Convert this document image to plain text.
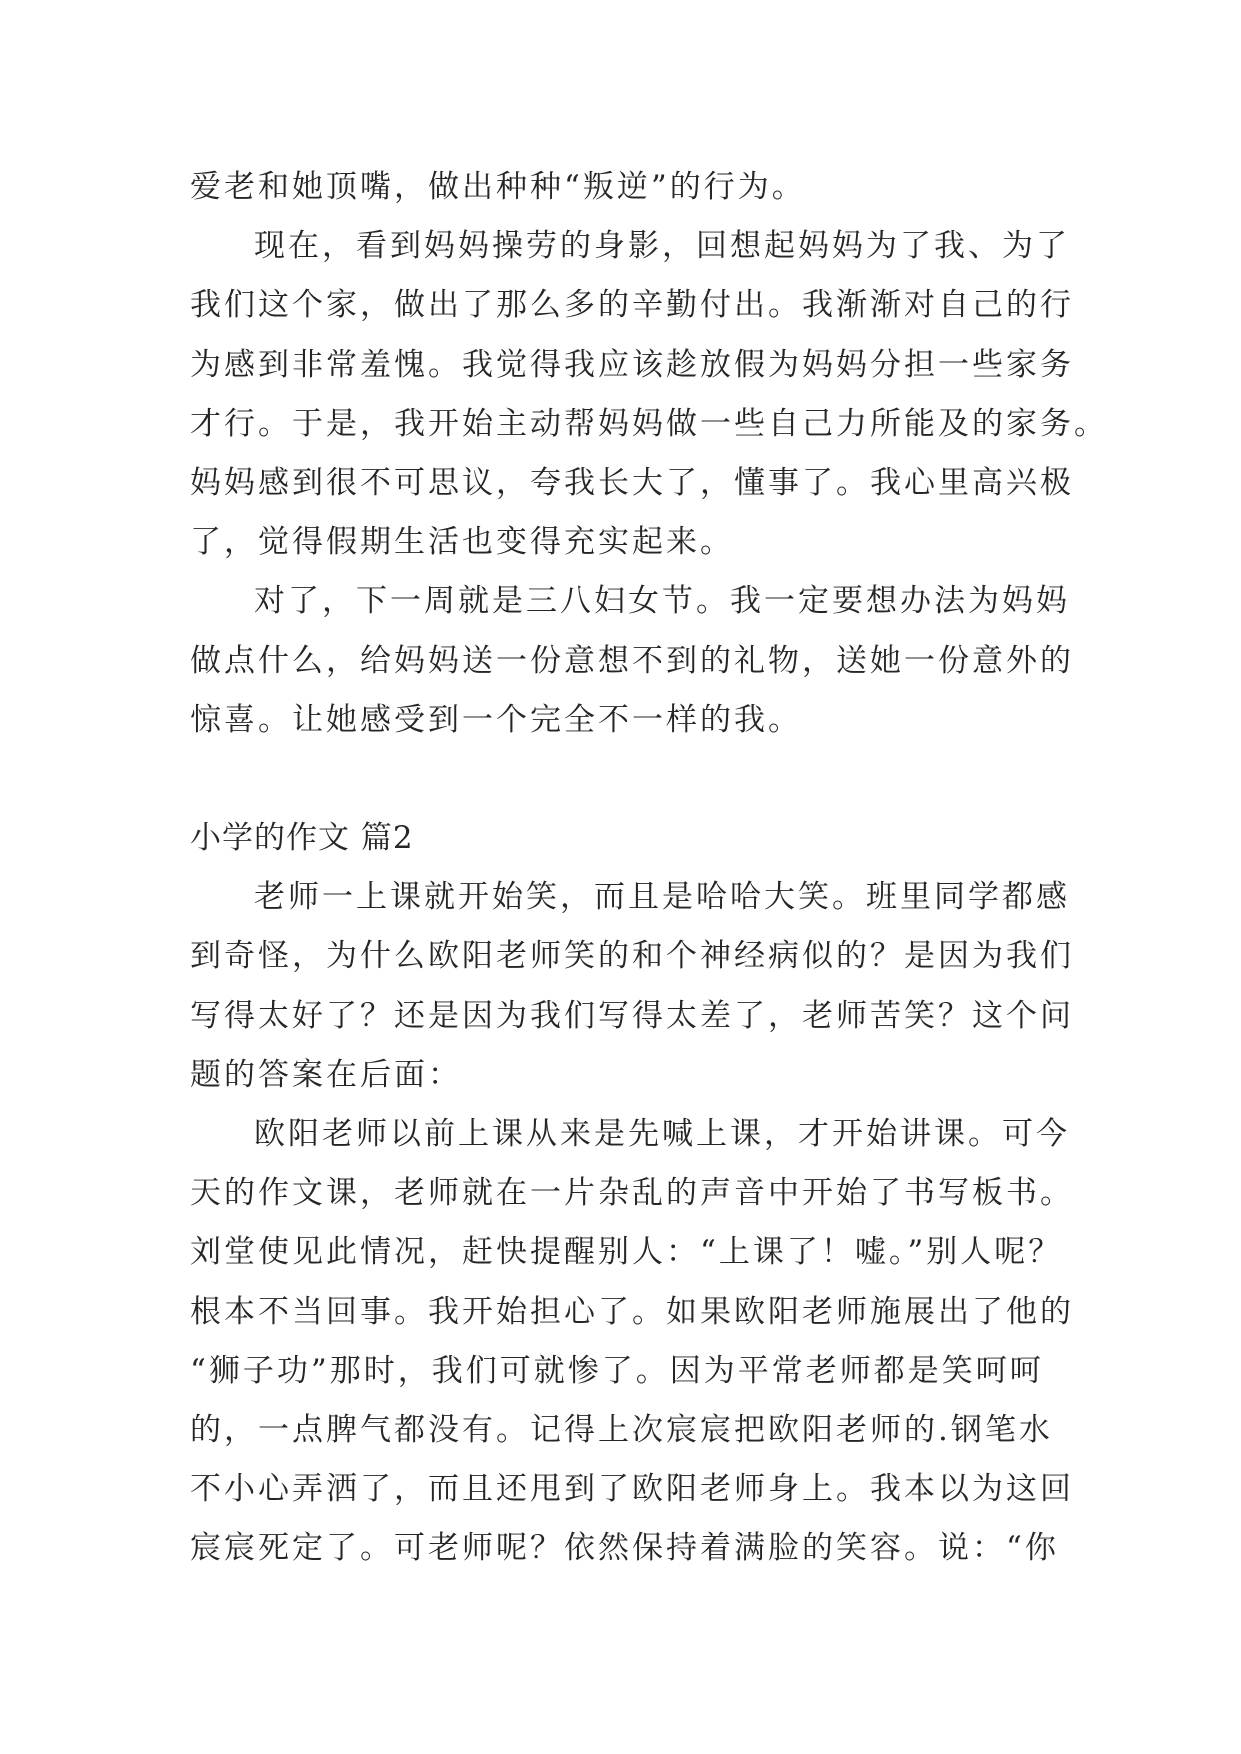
爱老和她顶嘴，做出种种“叛逆”的行为。
现在，看到妈妈操劳的身影，回想起妈妈为了我、为了
我们这个家，做出了那么多的辛勤付出。我渐渐对自己的行
为感到非常羞愧。我觉得我应该趁放假为妈妈分担一些家务
才行。于是，我开始主动帮妈妈做一些自己力所能及的家务。
妈妈感到很不可思议，夸我长大了，懂事了。我心里高兴极
了，觉得假期生活也变得充实起来。
对了，下一周就是三八妇女节。我一定要想办法为妈妈
做点什么，给妈妈送一份意想不到的礼物，送她一份意外的
惊喜。让她感受到一个完全不一样的我。
小学的作文 篇2
老师一上课就开始笑，而且是哈哈大笑。班里同学都感
到奇怪，为什么欧阳老师笑的和个神经病似的？是因为我们
写得太好了？还是因为我们写得太差了，老师苦笑？这个问
题的答案在后面：
欧阳老师以前上课从来是先喊上课，才开始讲课。可今
天的作文课，老师就在一片杂乱的声音中开始了书写板书。
刘堂使见此情况，赶快提醒别人：“上课了！嘘。”别人呢？
根本不当回事。我开始担心了。如果欧阳老师施展出了他的
“狮子功”那时，我们可就惨了。因为平常老师都是笑呵呵
的，一点脾气都没有。记得上次宸宸把欧阳老师的.钢笔水
不小心弄洒了，而且还甩到了欧阳老师身上。我本以为这回
宸宸死定了。可老师呢？依然保持着满脸的笑容。说：“你
